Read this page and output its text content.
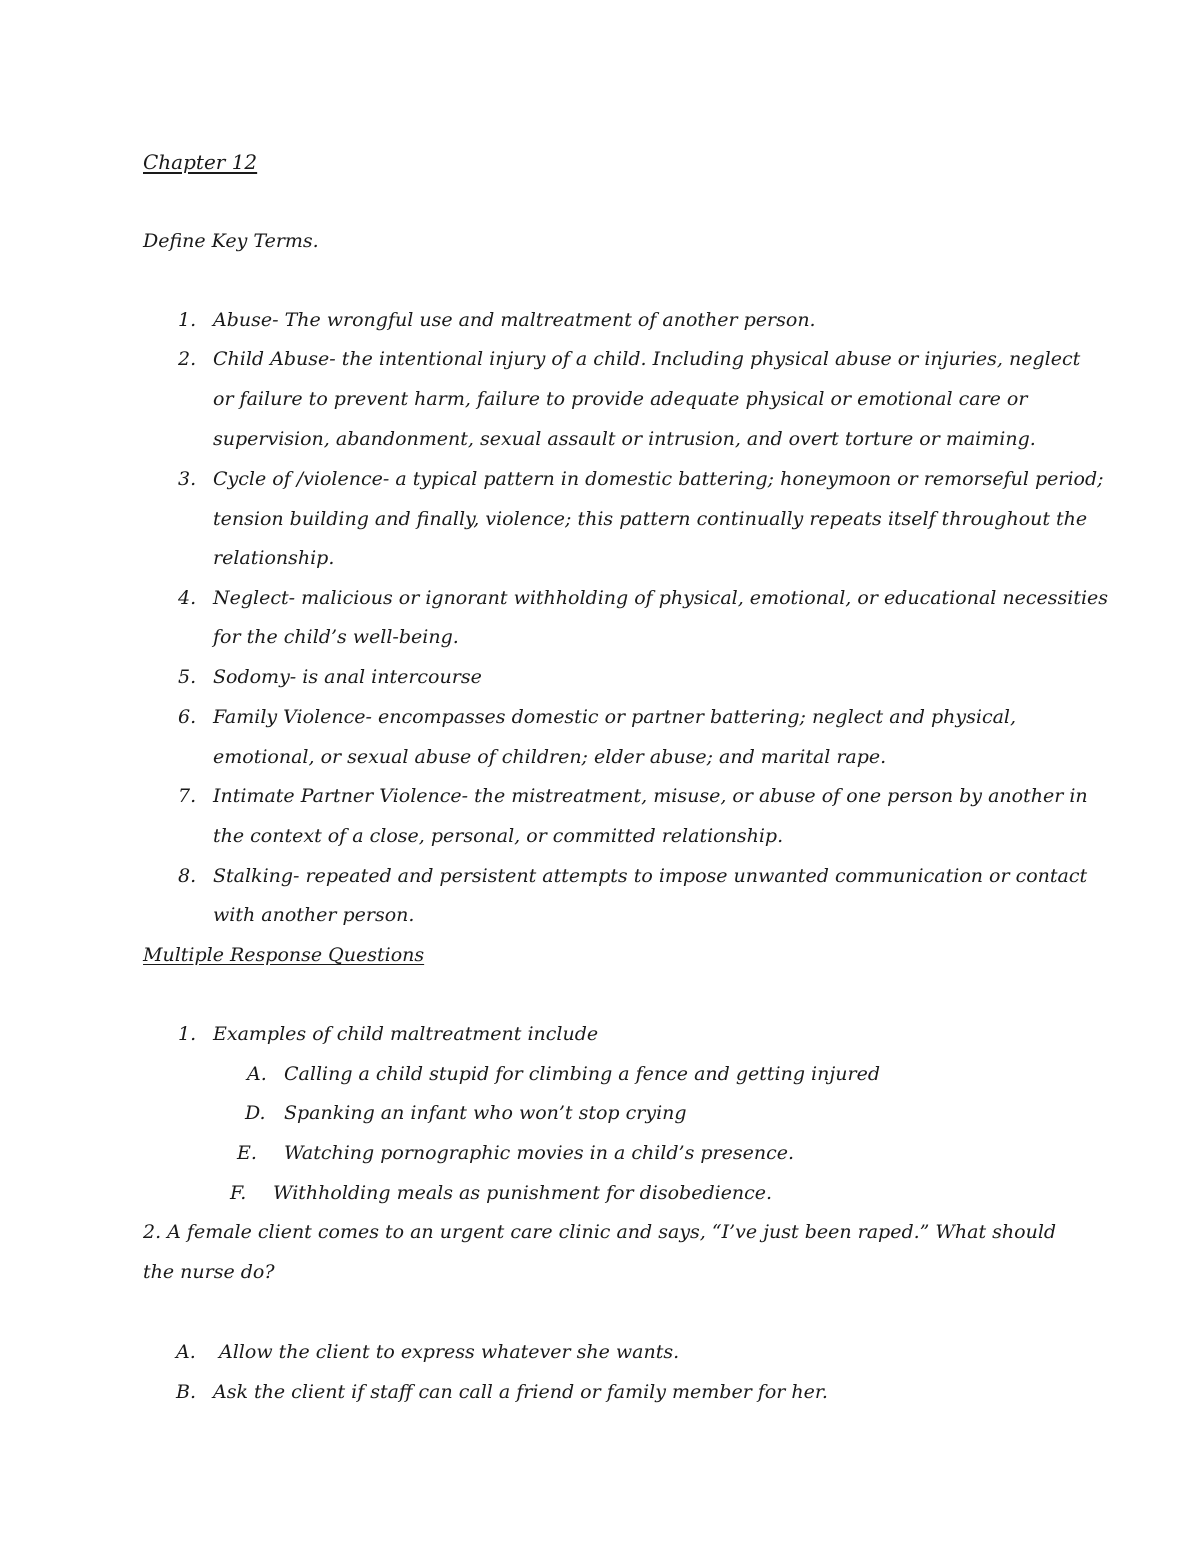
Chapter 12
Define Key Terms.
1. Abuse- The wrongful use and maltreatment of another person.
2. Child Abuse- the intentional injury of a child. Including physical abuse or injuries, neglect
or failure to prevent harm, failure to provide adequate physical or emotional care or
supervision, abandonment, sexual assault or intrusion, and overt torture or maiming.
3. Cycle of /violence- a typical pattern in domestic battering; honeymoon or remorseful period;
tension building and finally, violence; this pattern continually repeats itself throughout the
relationship.
4. Neglect- malicious or ignorant withholding of physical, emotional, or educational necessities
for the child’s well-being.
5. Sodomy- is anal intercourse
6. Family Violence- encompasses domestic or partner battering; neglect and physical,
emotional, or sexual abuse of children; elder abuse; and marital rape.
7. Intimate Partner Violence- the mistreatment, misuse, or abuse of one person by another in
the context of a close, personal, or committed relationship.
8. Stalking- repeated and persistent attempts to impose unwanted communication or contact
with another person.
Multiple Response Questions
1. Examples of child maltreatment include
A. Calling a child stupid for climbing a fence and getting injured
D. Spanking an infant who won’t stop crying
E. Watching pornographic movies in a child’s presence.
F. Withholding meals as punishment for disobedience.
2. A female client comes to an urgent care clinic and says, “I’ve just been raped.” What should
the nurse do?
A. Allow the client to express whatever she wants.
B. Ask the client if staff can call a friend or family member for her.
